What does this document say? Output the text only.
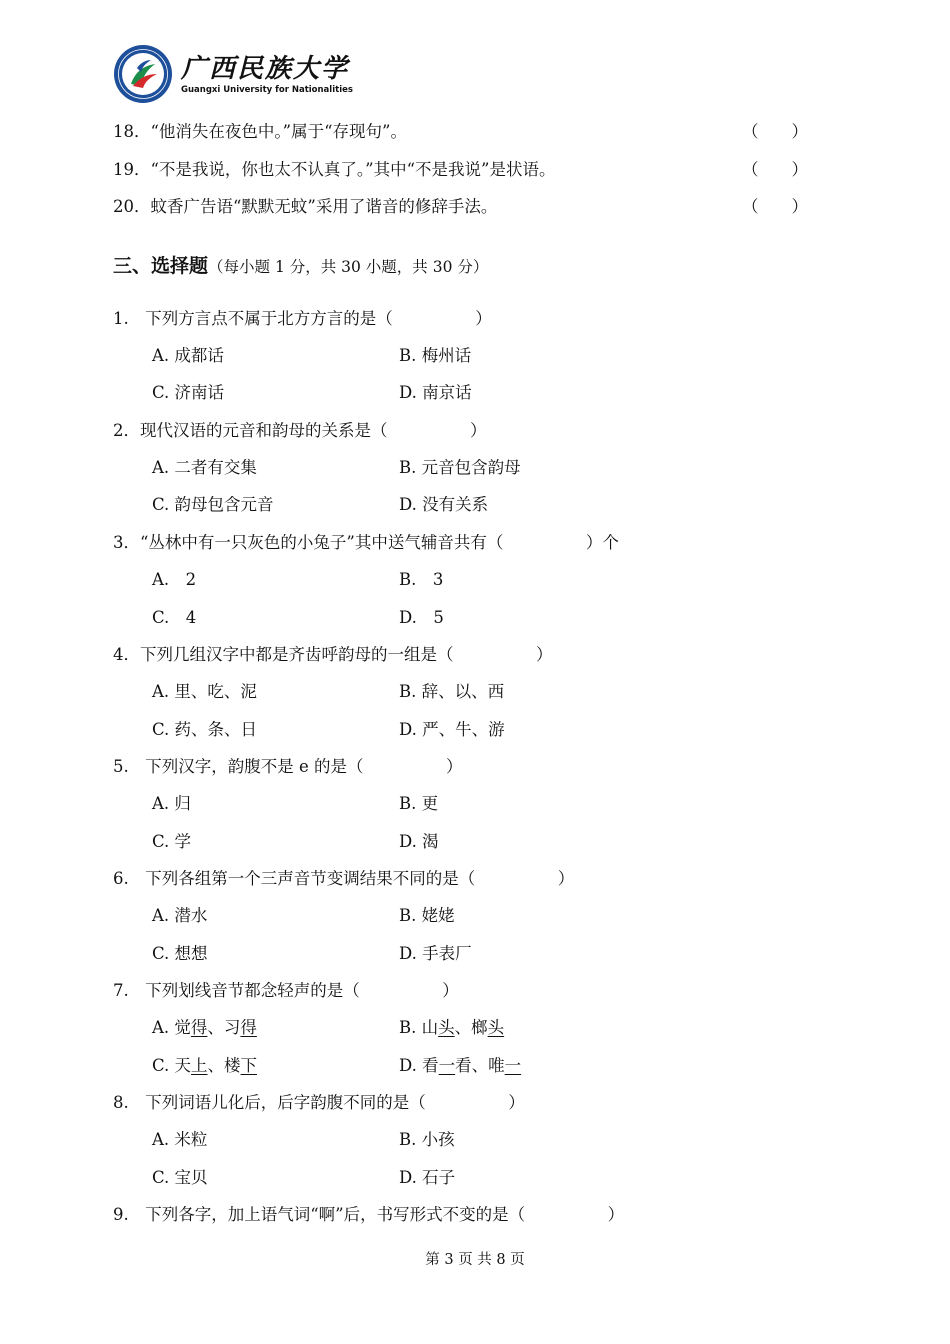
广西民族大学
Guangxi University for Nationalities
18．“他消失在夜色中。”属于“存现句”。	（　　）
19．“不是我说，你也太不认真了。”其中“不是我说”是状语。	（　　）
20．蚊香广告语“默默无蚊”采用了谐音的修辞手法。	（　　）
三、选择题（每小题 1 分，共 30 小题，共 30 分）
1.　下列方言点不属于北方方言的是（　　　　　）
A. 成都话	B. 梅州话
C. 济南话	D. 南京话
2．现代汉语的元音和韵母的关系是（　　　　　）
A. 二者有交集	B. 元音包含韵母
C. 韵母包含元音	D. 没有关系
3．“丛林中有一只灰色的小兔子”其中送气辅音共有（　　　　　）个
A.　2	B.　3
C.　4	D.　5
4．下列几组汉字中都是齐齿呼韵母的一组是（　　　　　）
A. 里、吃、泥	B. 辞、以、西
C. 药、条、日	D. 严、牛、游
5.　下列汉字，韵腹不是 e 的是（　　　　　）
A. 归	B. 更
C. 学	D. 渴
6.　下列各组第一个三声音节变调结果不同的是（　　　　　）
A. 潜水	B. 姥姥
C. 想想	D. 手表厂
7.　下列划线音节都念轻声的是（　　　　　）
A. 觉得、习得	B. 山头、榔头
C. 天上、楼下	D. 看一看、唯一
8.　下列词语儿化后，后字韵腹不同的是（　　　　　）
A. 米粒	B. 小孩
C. 宝贝	D. 石子
9.　下列各字，加上语气词“啊”后，书写形式不变的是（　　　　　）
第 3 页 共 8 页
